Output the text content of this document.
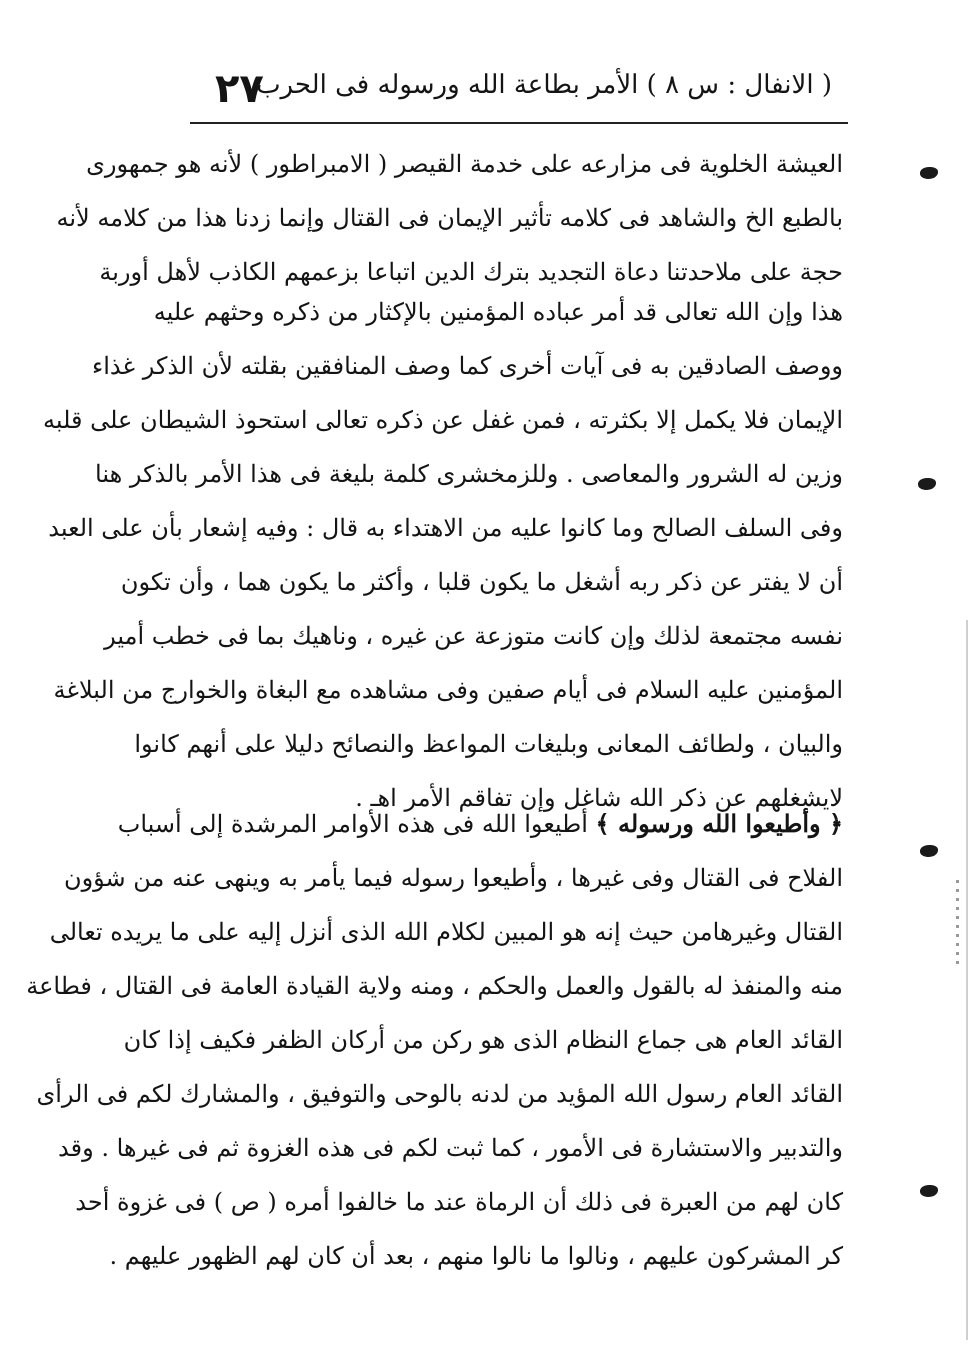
( الانفال : س ٨ ) الأمر بطاعة الله ورسوله فى الحرب
٢٧
العيشة الخلوية فى مزارعه على خدمة القيصر ( الامبراطور ) لأنه هو جمهورى
بالطبع الخ والشاهد فى كلامه تأثير الإيمان فى القتال وإنما زدنا هذا من كلامه لأنه
حجة على ملاحدتنا دعاة التجديد بترك الدين اتباعا بزعمهم الكاذب لأهل أوربة
هذا وإن الله تعالى قد أمر عباده المؤمنين بالإكثار من ذكره وحثهم عليه
ووصف الصادقين به فى آيات أخرى كما وصف المنافقين بقلته لأن الذكر غذاء
الإيمان فلا يكمل إلا بكثرته ، فمن غفل عن ذكره تعالى استحوذ الشيطان على قلبه
وزين له الشرور والمعاصى . وللزمخشرى كلمة بليغة فى هذا الأمر بالذكر هنا
وفى السلف الصالح وما كانوا عليه من الاهتداء به قال : وفيه إشعار بأن على العبد
أن لا يفتر عن ذكر ربه أشغل ما يكون قلبا ، وأكثر ما يكون هما ، وأن تكون
نفسه مجتمعة لذلك وإن كانت متوزعة عن غيره ، وناهيك بما فى خطب أمير
المؤمنين عليه السلام فى أيام صفين وفى مشاهده مع البغاة والخوارج من البلاغة
والبيان ، ولطائف المعانى وبليغات المواعظ والنصائح دليلا على أنهم كانوا
لايشغلهم عن ذكر الله شاغل وإن تفاقم الأمر اهـ .
﴿ وأطيعوا الله ورسوله ﴾ أطيعوا الله فى هذه الأوامر المرشدة إلى أسباب
الفلاح فى القتال وفى غيرها ، وأطيعوا رسوله فيما يأمر به وينهى عنه من شؤون
القتال وغيرهامن حيث إنه هو المبين لكلام الله الذى أنزل إليه على ما يريده تعالى
منه والمنفذ له بالقول والعمل والحكم ، ومنه ولاية القيادة العامة فى القتال ، فطاعة
القائد العام هى جماع النظام الذى هو ركن من أركان الظفر فكيف إذا كان
القائد العام رسول الله المؤيد من لدنه بالوحى والتوفيق ، والمشارك لكم فى الرأى
والتدبير والاستشارة فى الأمور ، كما ثبت لكم فى هذه الغزوة ثم فى غيرها . وقد
كان لهم من العبرة فى ذلك أن الرماة عند ما خالفوا أمره ( ص ) فى غزوة أحد
كر المشركون عليهم ، ونالوا ما نالوا منهم ، بعد أن كان لهم الظهور عليهم .
